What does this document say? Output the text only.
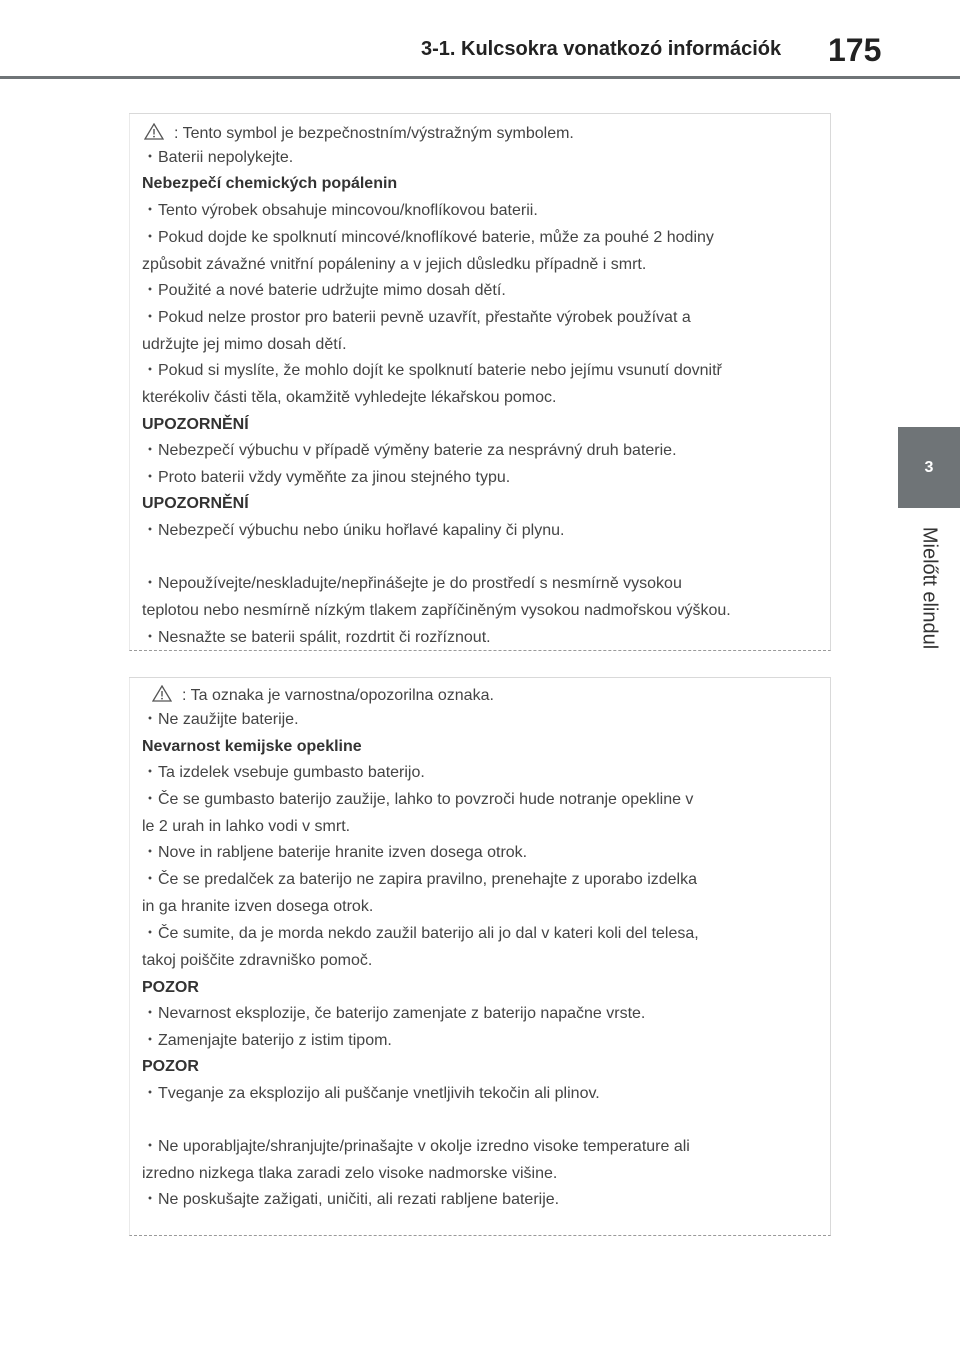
3-1. Kulcsokra vonatkozó információk 175
3
Mielőtt elindul
: Tento symbol je bezpečnostním/výstražným symbolem.
・Baterii nepolykejte.
Nebezpečí chemických popálenin
・Tento výrobek obsahuje mincovou/knoflíkovou baterii.
・Pokud dojde ke spolknutí mincové/knoflíkové baterie, může za pouhé 2 hodiny
způsobit závažné vnitřní popáleniny a v jejich důsledku případně i smrt.
・Použité a nové baterie udržujte mimo dosah dětí.
・Pokud nelze prostor pro baterii pevně uzavřít, přestaňte výrobek používat a
udržujte jej mimo dosah dětí.
・Pokud si myslíte, že mohlo dojít ke spolknutí baterie nebo jejímu vsunutí dovnitř
kterékoliv části těla, okamžitě vyhledejte lékařskou pomoc.
UPOZORNĚNÍ
・Nebezpečí výbuchu v případě výměny baterie za nesprávný druh baterie.
・Proto baterii vždy vyměňte za jinou stejného typu.
UPOZORNĚNÍ
・Nebezpečí výbuchu nebo úniku hořlavé kapaliny či plynu.
・Nepoužívejte/neskladujte/nepřinášejte je do prostředí s nesmírně vysokou
teplotou nebo nesmírně nízkým tlakem zapříčiněným vysokou nadmořskou výškou.
・Nesnažte se baterii spálit, rozdrtit či rozříznout.
: Ta oznaka je varnostna/opozorilna oznaka.
・Ne zaužijte baterije.
Nevarnost kemijske opekline
・Ta izdelek vsebuje gumbasto baterijo.
・Če se gumbasto baterijo zaužije, lahko to povzroči hude notranje opekline v
le 2 urah in lahko vodi v smrt.
・Nove in rabljene baterije hranite izven dosega otrok.
・Če se predalček za baterijo ne zapira pravilno, prenehajte z uporabo izdelka
in ga hranite izven dosega otrok.
・Če sumite, da je morda nekdo zaužil baterijo ali jo dal v kateri koli del telesa,
takoj poiščite zdravniško pomoč.
POZOR
・Nevarnost eksplozije, če baterijo zamenjate z baterijo napačne vrste.
・Zamenjajte baterijo z istim tipom.
POZOR
・Tveganje za eksplozijo ali puščanje vnetljivih tekočin ali plinov.
・Ne uporabljajte/shranjujte/prinašajte v okolje izredno visoke temperature ali
izredno nizkega tlaka zaradi zelo visoke nadmorske višine.
・Ne poskušajte zažigati, uničiti, ali rezati rabljene baterije.
